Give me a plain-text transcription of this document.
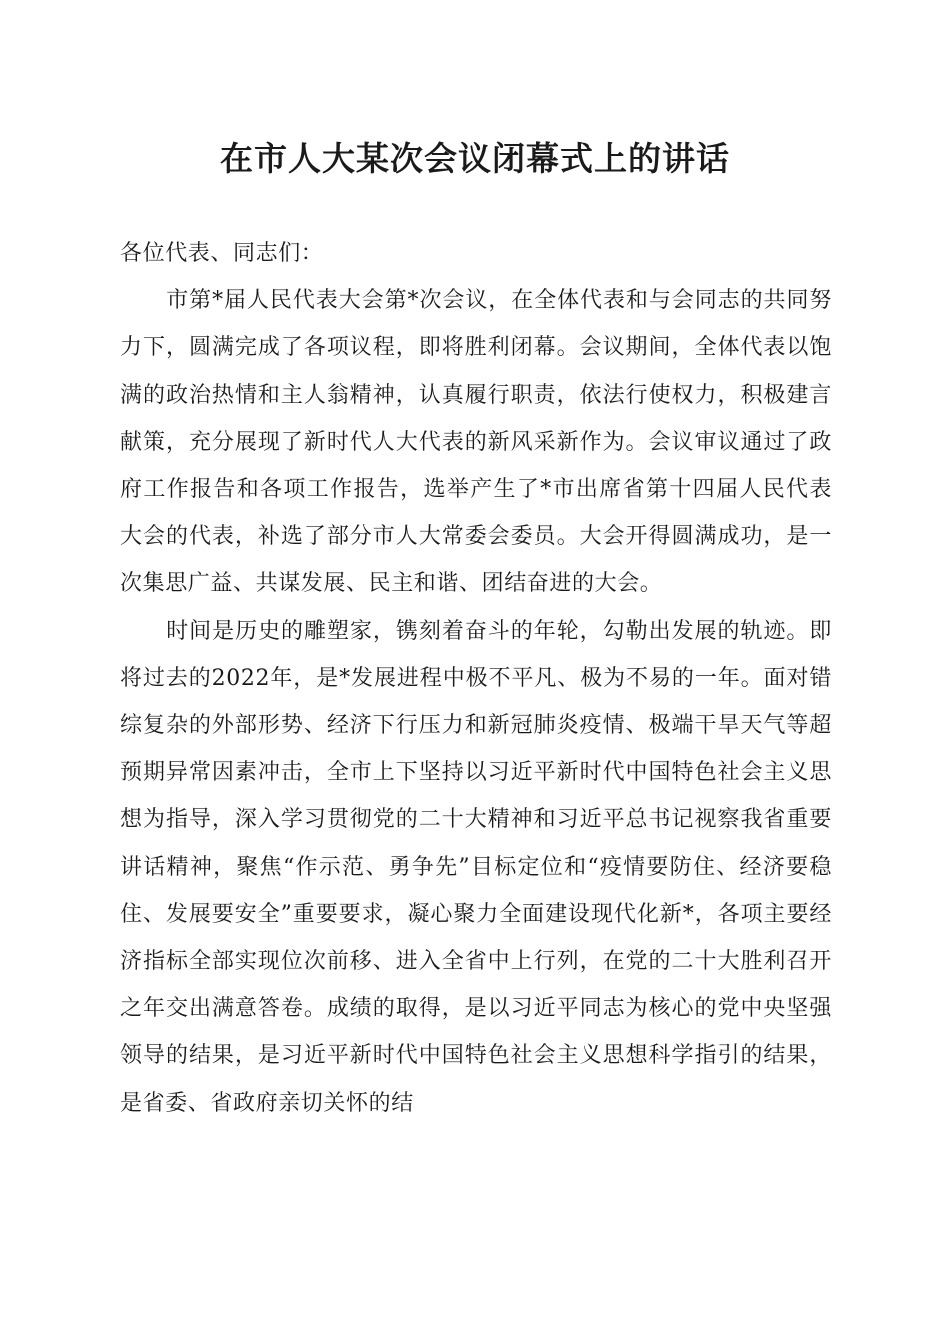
在市人大某次会议闭幕式上的讲话

各位代表、同志们：

市第*届人民代表大会第*次会议，在全体代表和与会同志的共同努力下，圆满完成了各项议程，即将胜利闭幕。会议期间，全体代表以饱满的政治热情和主人翁精神，认真履行职责，依法行使权力，积极建言献策，充分展现了新时代人大代表的新风采新作为。会议审议通过了政府工作报告和各项工作报告，选举产生了*市出席省第十四届人民代表大会的代表，补选了部分市人大常委会委员。大会开得圆满成功，是一次集思广益、共谋发展、民主和谐、团结奋进的大会。

时间是历史的雕塑家，镌刻着奋斗的年轮，勾勒出发展的轨迹。即将过去的2022年，是*发展进程中极不平凡、极为不易的一年。面对错综复杂的外部形势、经济下行压力和新冠肺炎疫情、极端干旱天气等超预期异常因素冲击，全市上下坚持以习近平新时代中国特色社会主义思想为指导，深入学习贯彻党的二十大精神和习近平总书记视察我省重要讲话精神，聚焦“作示范、勇争先”目标定位和“疫情要防住、经济要稳住、发展要安全”重要要求，凝心聚力全面建设现代化新*，各项主要经济指标全部实现位次前移、进入全省中上行列，在党的二十大胜利召开之年交出满意答卷。成绩的取得，是以习近平同志为核心的党中央坚强领导的结果，是习近平新时代中国特色社会主义思想科学指引的结果，是省委、省政府亲切关怀的结
